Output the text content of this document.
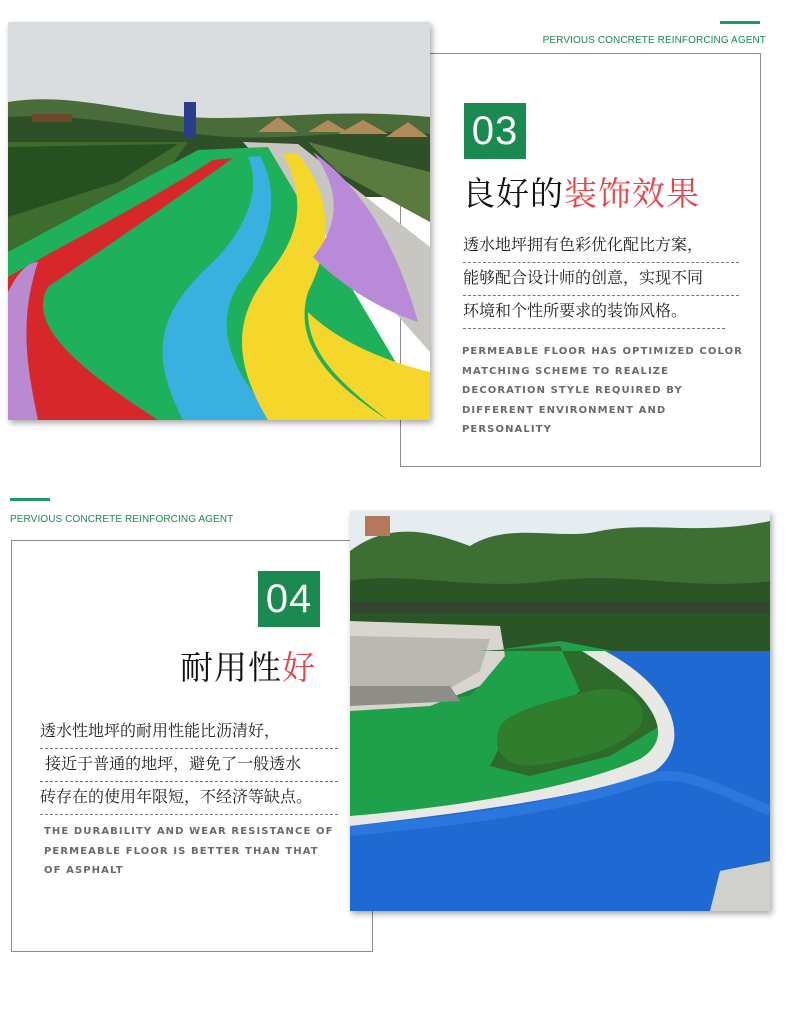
PERVIOUS CONCRETE REINFORCING AGENT
03
良好的装饰效果
透水地坪拥有色彩优化配比方案，
能够配合设计师的创意，实现不同
环境和个性所要求的装饰风格。
PERMEABLE FLOOR HAS OPTIMIZED COLOR MATCHING SCHEME TO REALIZE DECORATION STYLE REQUIRED BY DIFFERENT ENVIRONMENT AND PERSONALITY
PERVIOUS CONCRETE REINFORCING AGENT
04
耐用性好
透水性地坪的耐用性能比沥清好，
接近于普通的地坪，避免了一般透水
砖存在的使用年限短，不经济等缺点。
THE DURABILITY AND WEAR RESISTANCE OF PERMEABLE FLOOR IS BETTER THAN THAT OF ASPHALT
